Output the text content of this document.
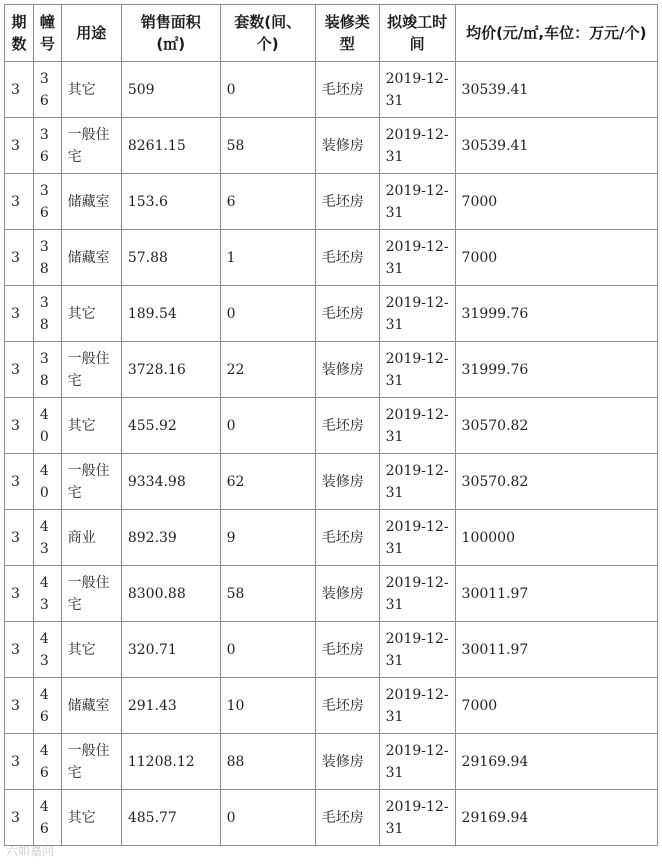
期数	幢号	用途	销售面积(㎡)	套数(间、个)	装修类型	拟竣工时间	均价(元/㎡,车位：万元/个)
3	36	其它	509	0	毛坯房	2019-12-31	30539.41
3	36	一般住宅	8261.15	58	装修房	2019-12-31	30539.41
3	36	储藏室	153.6	6	毛坯房	2019-12-31	7000
3	38	储藏室	57.88	1	毛坯房	2019-12-31	7000
3	38	其它	189.54	0	毛坯房	2019-12-31	31999.76
3	38	一般住宅	3728.16	22	装修房	2019-12-31	31999.76
3	40	其它	455.92	0	毛坯房	2019-12-31	30570.82
3	40	一般住宅	9334.98	62	装修房	2019-12-31	30570.82
3	43	商业	892.39	9	毛坯房	2019-12-31	100000
3	43	一般住宅	8300.88	58	装修房	2019-12-31	30011.97
3	43	其它	320.71	0	毛坯房	2019-12-31	30011.97
3	46	储藏室	291.43	10	毛坯房	2019-12-31	7000
3	46	一般住宅	11208.12	88	装修房	2019-12-31	29169.94
3	46	其它	485.77	0	毛坯房	2019-12-31	29169.94
六如嘉问
